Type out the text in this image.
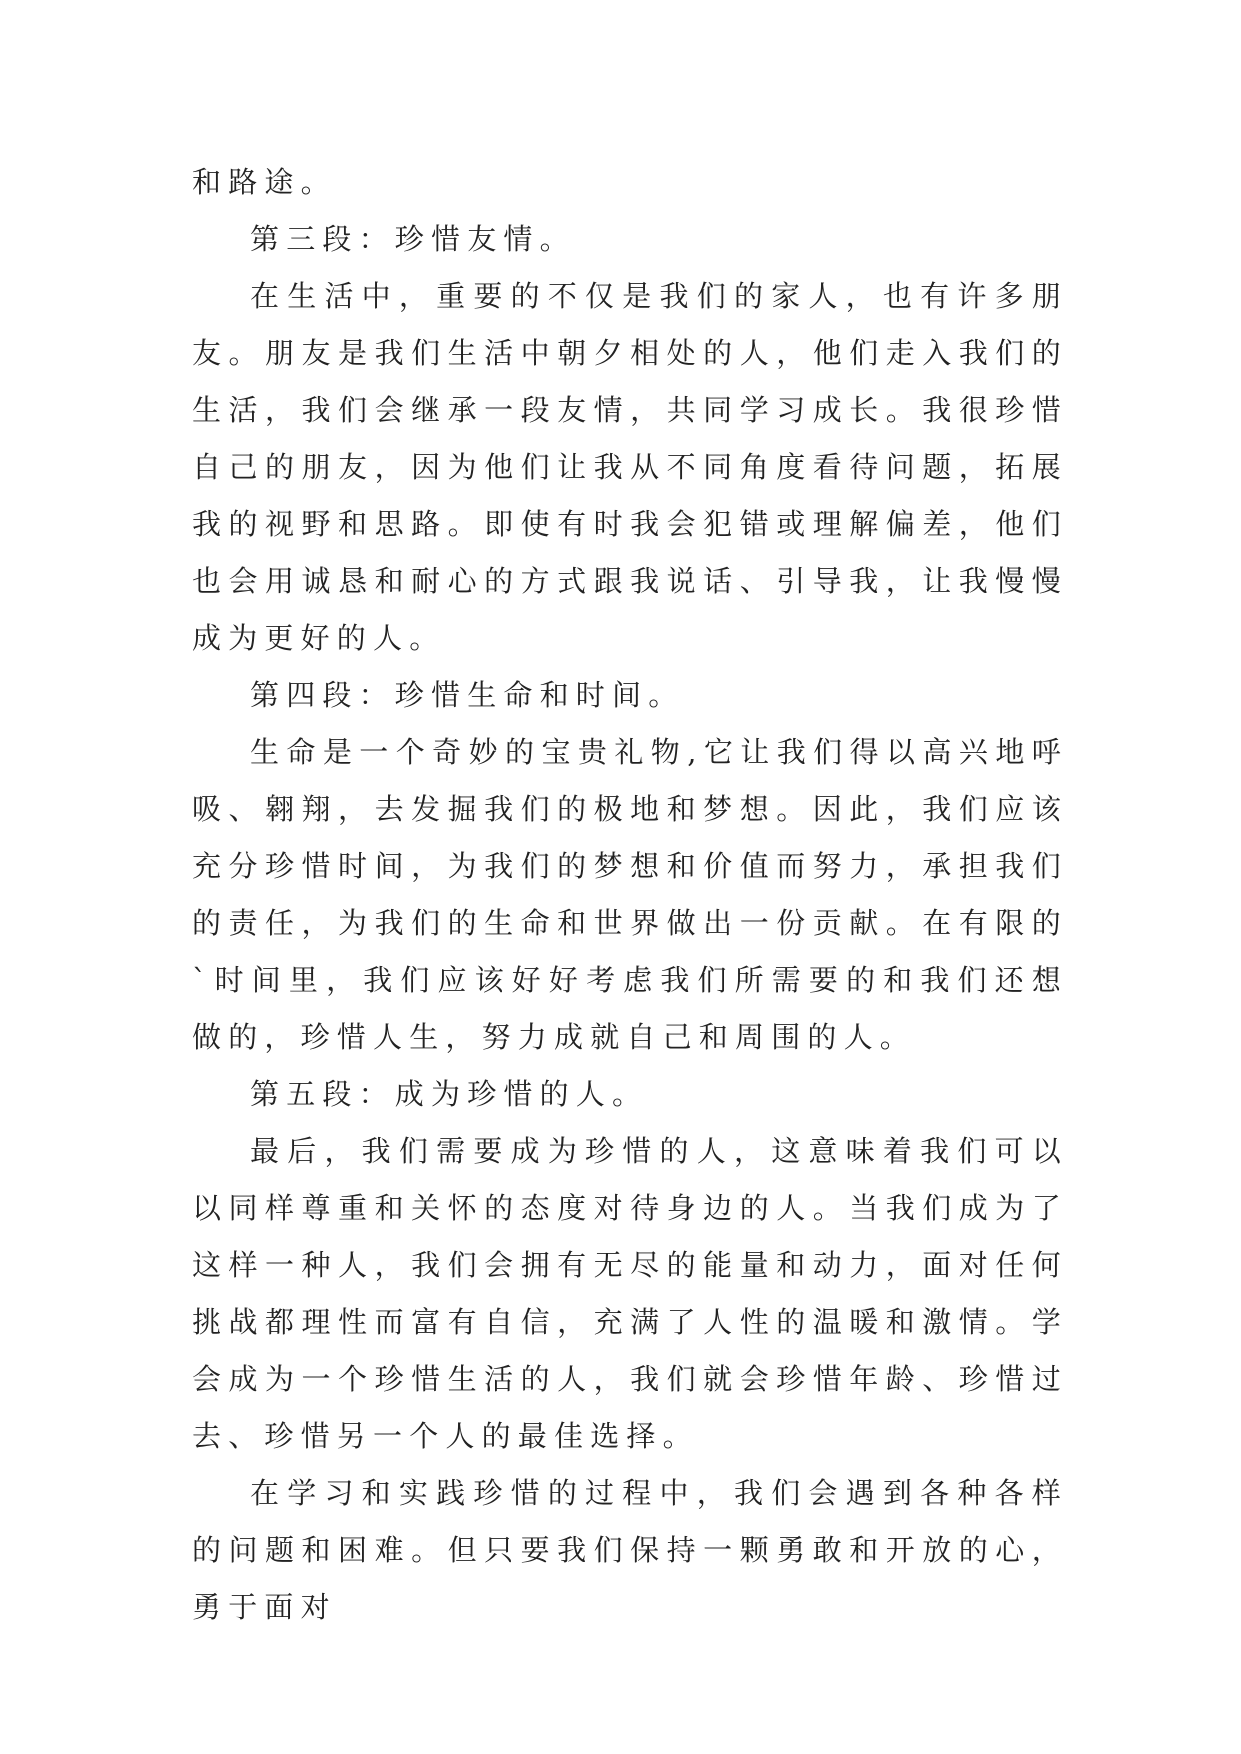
和路途。

第三段：珍惜友情。

在生活中，重要的不仅是我们的家人，也有许多朋友。朋友是我们生活中朝夕相处的人，他们走入我们的生活，我们会继承一段友情，共同学习成长。我很珍惜自己的朋友，因为他们让我从不同角度看待问题，拓展我的视野和思路。即使有时我会犯错或理解偏差，他们也会用诚恳和耐心的方式跟我说话、引导我，让我慢慢成为更好的人。

第四段：珍惜生命和时间。

生命是一个奇妙的宝贵礼物,它让我们得以高兴地呼吸、翱翔，去发掘我们的极地和梦想。因此，我们应该充分珍惜时间，为我们的梦想和价值而努力，承担我们的责任，为我们的生命和世界做出一份贡献。在有限的`时间里，我们应该好好考虑我们所需要的和我们还想做的，珍惜人生，努力成就自己和周围的人。

第五段：成为珍惜的人。

最后，我们需要成为珍惜的人，这意味着我们可以以同样尊重和关怀的态度对待身边的人。当我们成为了这样一种人，我们会拥有无尽的能量和动力，面对任何挑战都理性而富有自信，充满了人性的温暖和激情。学会成为一个珍惜生活的人，我们就会珍惜年龄、珍惜过去、珍惜另一个人的最佳选择。

在学习和实践珍惜的过程中，我们会遇到各种各样的问题和困难。但只要我们保持一颗勇敢和开放的心，勇于面对
